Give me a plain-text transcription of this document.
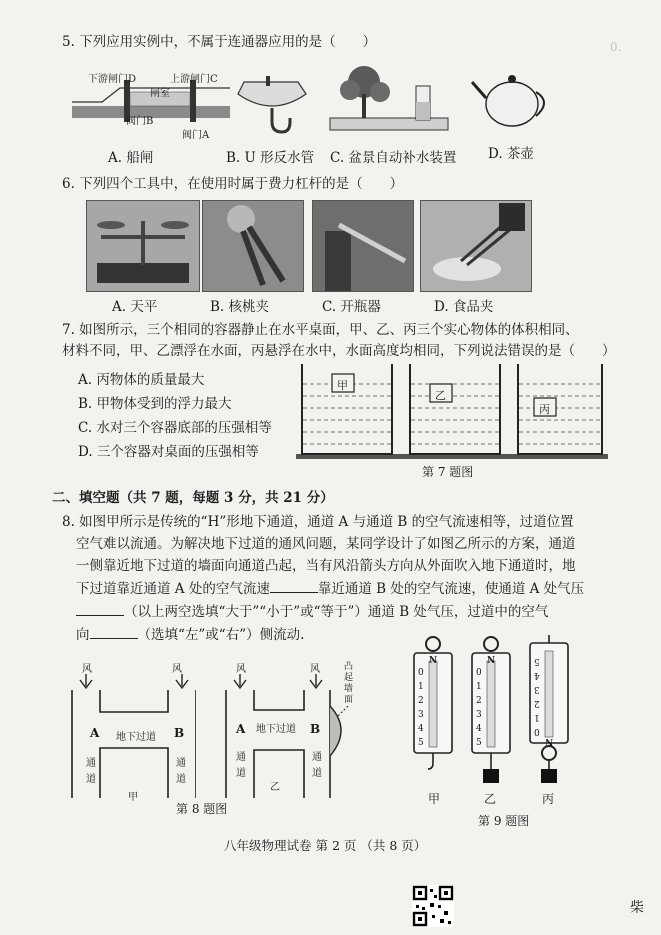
0.
5. 下列应用实例中，不属于连通器应用的是（　　）
下游闸门D	上游闸门C
闸室
阀门B
阀门A
A. 船闸	B. U 形反水管 C. 盆景自动补水装置 D. 茶壶
6. 下列四个工具中，在使用时属于费力杠杆的是（　　）
A. 天平	B. 核桃夹	C. 开瓶器	D. 食品夹
7. 如图所示，三个相同的容器静止在水平桌面，甲、乙、丙三个实心物体的体积相同、
材料不同，甲、乙漂浮在水面，丙悬浮在水中，水面高度均相同，下列说法错误的是（　　）
A. 丙物体的质量最大
B. 甲物体受到的浮力最大
C. 水对三个容器底部的压强相等
D. 三个容器对桌面的压强相等
甲
乙
丙
第 7 题图
二、填空题（共 7 题，每题 3 分，共 21 分）
8. 如图甲所示是传统的“H”形地下通道，通道 A 与通道 B 的空气流速相等，过道位置
空气难以流通。为解决地下过道的通风问题，某同学设计了如图乙所示的方案，通道
一侧靠近地下过道的墙面向通道凸起，当有风沿箭头方向从外面吹入地下通道时，地
下过道靠近通道 A 处的空气流速	靠近通道 B 处的空气流速，使通道 A 处气压
（以上两空选填“大于”“小于”或“等于”）通道 B 处气压，过道中的空气
向	（选填“左”或“右”）侧流动.
风	风
地下过道
A	B
通
道
通
道
甲
风	风	凸起墙面
地下过道
A	B
通
道
通
道
乙
第 8 题图
N
0
1
2
3
4
5
N
0
1
2
3
4
5	N
0
1
2
3
4
5
甲	乙	丙
第 9 题图
八年级物理试卷 第 2 页 （共 8 页）
柴
